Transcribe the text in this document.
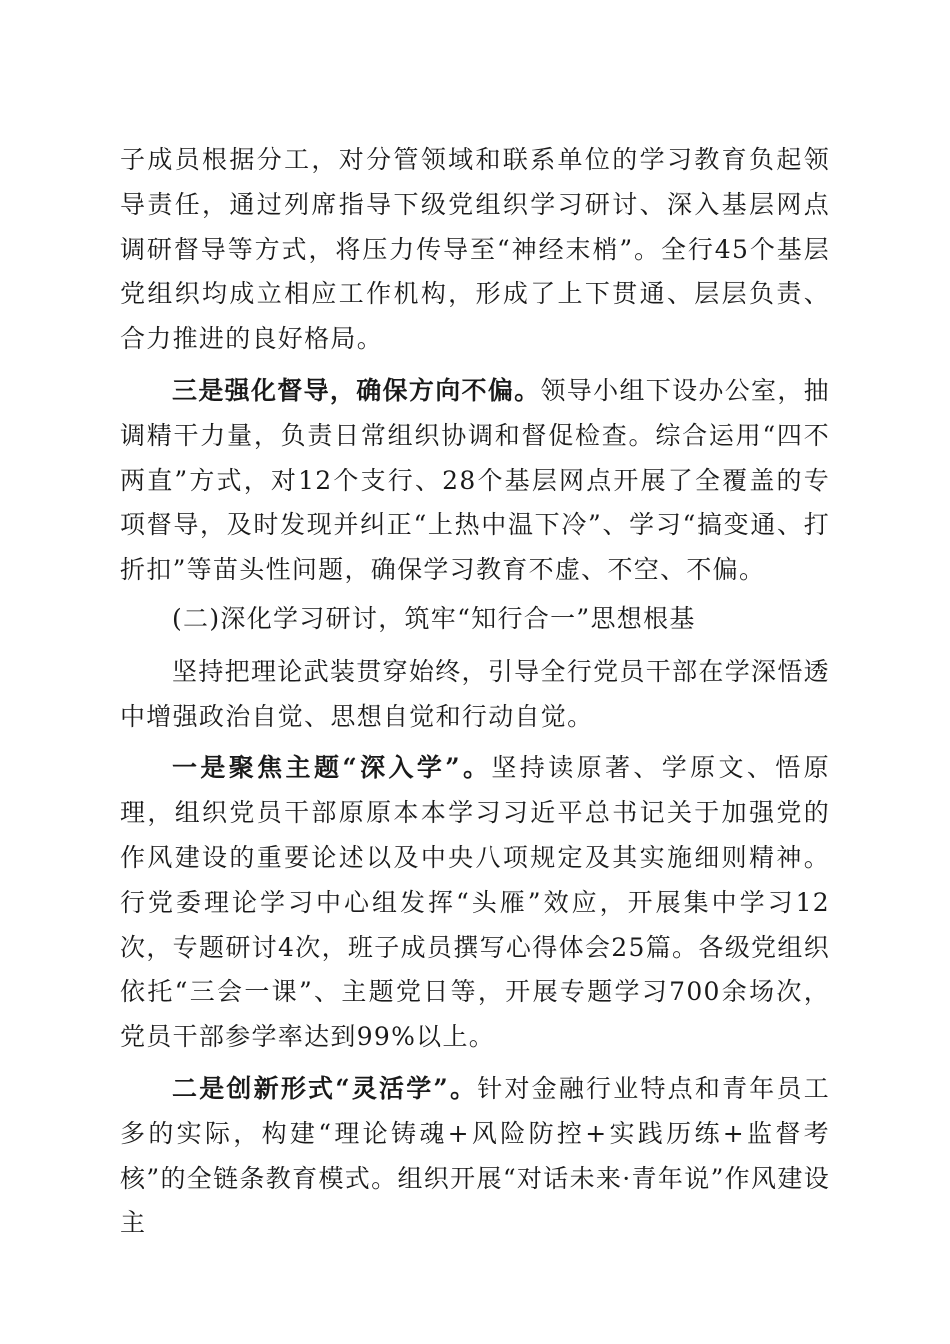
子成员根据分工，对分管领域和联系单位的学习教育负起领导责任，通过列席指导下级党组织学习研讨、深入基层网点调研督导等方式，将压力传导至“神经末梢”。全行45个基层党组织均成立相应工作机构，形成了上下贯通、层层负责、合力推进的良好格局。

三是强化督导，确保方向不偏。领导小组下设办公室，抽调精干力量，负责日常组织协调和督促检查。综合运用“四不两直”方式，对12个支行、28个基层网点开展了全覆盖的专项督导，及时发现并纠正“上热中温下冷”、学习“搞变通、打折扣”等苗头性问题，确保学习教育不虚、不空、不偏。

(二)深化学习研讨，筑牢“知行合一”思想根基

坚持把理论武装贯穿始终，引导全行党员干部在学深悟透中增强政治自觉、思想自觉和行动自觉。

一是聚焦主题“深入学”。坚持读原著、学原文、悟原理，组织党员干部原原本本学习习近平总书记关于加强党的作风建设的重要论述以及中央八项规定及其实施细则精神。行党委理论学习中心组发挥“头雁”效应，开展集中学习12次，专题研讨4次，班子成员撰写心得体会25篇。各级党组织依托“三会一课”、主题党日等，开展专题学习700余场次，党员干部参学率达到99%以上。

二是创新形式“灵活学”。针对金融行业特点和青年员工多的实际，构建“理论铸魂+风险防控+实践历练+监督考核”的全链条教育模式。组织开展“对话未来·青年说”作风建设主
